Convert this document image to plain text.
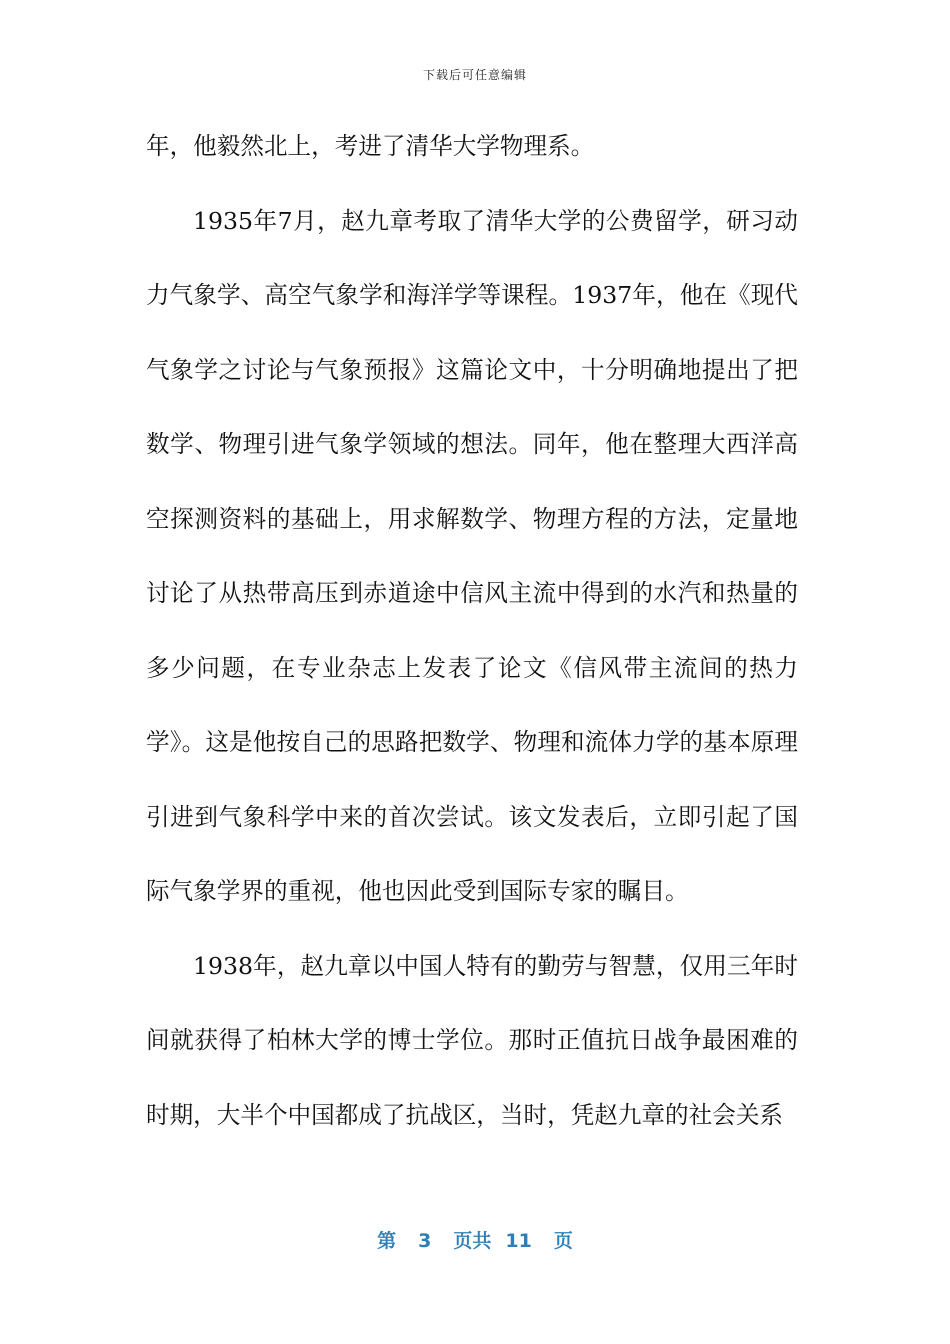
下载后可任意编辑

年，他毅然北上，考进了清华大学物理系。

1935年7月，赵九章考取了清华大学的公费留学，研习动力气象学、高空气象学和海洋学等课程。1937年，他在《现代气象学之讨论与气象预报》这篇论文中，十分明确地提出了把数学、物理引进气象学领域的想法。同年，他在整理大西洋高空探测资料的基础上，用求解数学、物理方程的方法，定量地讨论了从热带高压到赤道途中信风主流中得到的水汽和热量的多少问题，在专业杂志上发表了论文《信风带主流间的热力学》。这是他按自己的思路把数学、物理和流体力学的基本原理引进到气象科学中来的首次尝试。该文发表后，立即引起了国际气象学界的重视，他也因此受到国际专家的瞩目。

1938年，赵九章以中国人特有的勤劳与智慧，仅用三年时间就获得了柏林大学的博士学位。那时正值抗日战争最困难的时期，大半个中国都成了抗战区，当时，凭赵九章的社会关系

第 3 页共 11 页
